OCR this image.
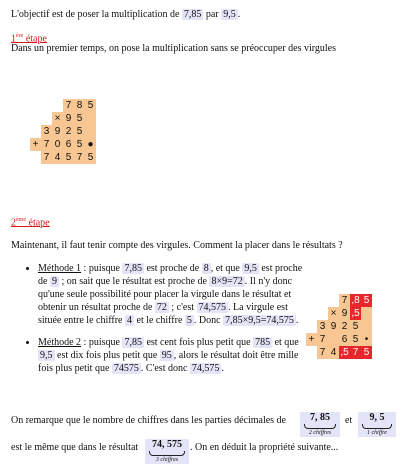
L'objectif est de poser la multiplication de 7,85 par 9,5 .

1ère étape

Dans un premier temps, on pose la multiplication sans se préoccuper des virgules

			7	8	5
		×	9	5	
	3	9	2	5	
+	7	0	6	5	●
	7	4	5	7	5

2ème étape

Maintenant, il faut tenir compte des virgules. Comment la placer dans le résultats ?

• Méthode 1 : puisque 7,85 est proche de 8 , et que 9,5 est proche de 9 ; on sait que le résultat est proche de 8×9=72 . Il n'y donc qu'une seule possibilité pour placer la virgule dans le résultat et obtenir un résultat proche de 72 ; c'est 74,575 . La virgule est située entre le chiffre 4 et le chiffre 5 . Donc 7,85×9,5=74,575 .
• Méthode 2 : puisque 7,85 est cent fois plus petit que 785 et que 9,5 est dix fois plus petit que 95 , alors le résultat doit être mille fois plus petit que 74575 . C'est donc 74,575 .
			7	,8	5
		×	9	,5	
	3	9	2	5	
+	7		6	5	•
	7	4	,5	7	5

On remarque que le nombre de chiffres dans les parties décimales de	7, 85
2 chiffres

et	9, 5
1 chiffre

est le même que dans le résultat	74, 575
3 chiffres

. On en déduit la propriété suivante...
